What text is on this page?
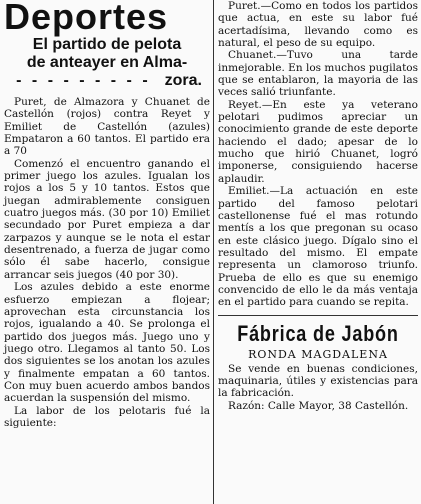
Deportes
El partido de pelota
de anteayer en Alma-
- - - - - - - - - zora.

Puret, de Almazora y Chuanet de Castellón (rojos) contra Reyet y Emiliet de Castellón (azules) Empataron a 60 tantos. El partido era a 70

Comenzó el encuentro ganando el primer juego los azules. Igualan los rojos a los 5 y 10 tantos. Estos que juegan admirablemente consiguen cuatro juegos más. (30 por 10) Emiliet secundado por Puret empieza a dar zarpazos y aunque se le nota el estar desentrenado, a fuerza de jugar como sólo él sabe hacerlo, consigue arrancar seis juegos (40 por 30).

Los azules debido a este enorme esfuerzo empiezan a flojear; aprovechan esta circunstancia los rojos, igualando a 40. Se prolonga el partido dos juegos más. Juego uno y juego otro. Llegamos al tanto 50. Los dos siguientes se los anotan los azules y finalmente empatan a 60 tantos. Con muy buen acuerdo ambos bandos acuerdan la suspensión del mismo.

La labor de los pelotaris fué la siguiente:

Puret.—Como en todos los partidos que actua, en este su labor fué acertadísima, llevando como es natural, el peso de su equipo.

Chuanet.—Tuvo una tarde inmejorable. En los muchos pugilatos que se entablaron, la mayoria de las veces salió triunfante.

Reyet.—En este ya veterano pelotari pudimos apreciar un conocimiento grande de este deporte haciendo el dado; apesar de lo mucho que hirió Chuanet, logró imponerse, consiguiendo hacerse aplaudir.

Emiliet.—La actuación en este partido del famoso pelotari castellonense fué el mas rotundo mentís a los que pregonan su ocaso en este clásico juego. Dígalo sino el resultado del mismo. El empate representa un clamoroso triunfo. Prueba de ello es que su enemigo convencido de ello le da más ventaja en el partido para cuando se repita.

Fábrica de Jabón
RONDA MAGDALENA

Se vende en buenas condiciones, maquinaria, útiles y existencias para la fabricación.

Razón: Calle Mayor, 38 Castellón.
